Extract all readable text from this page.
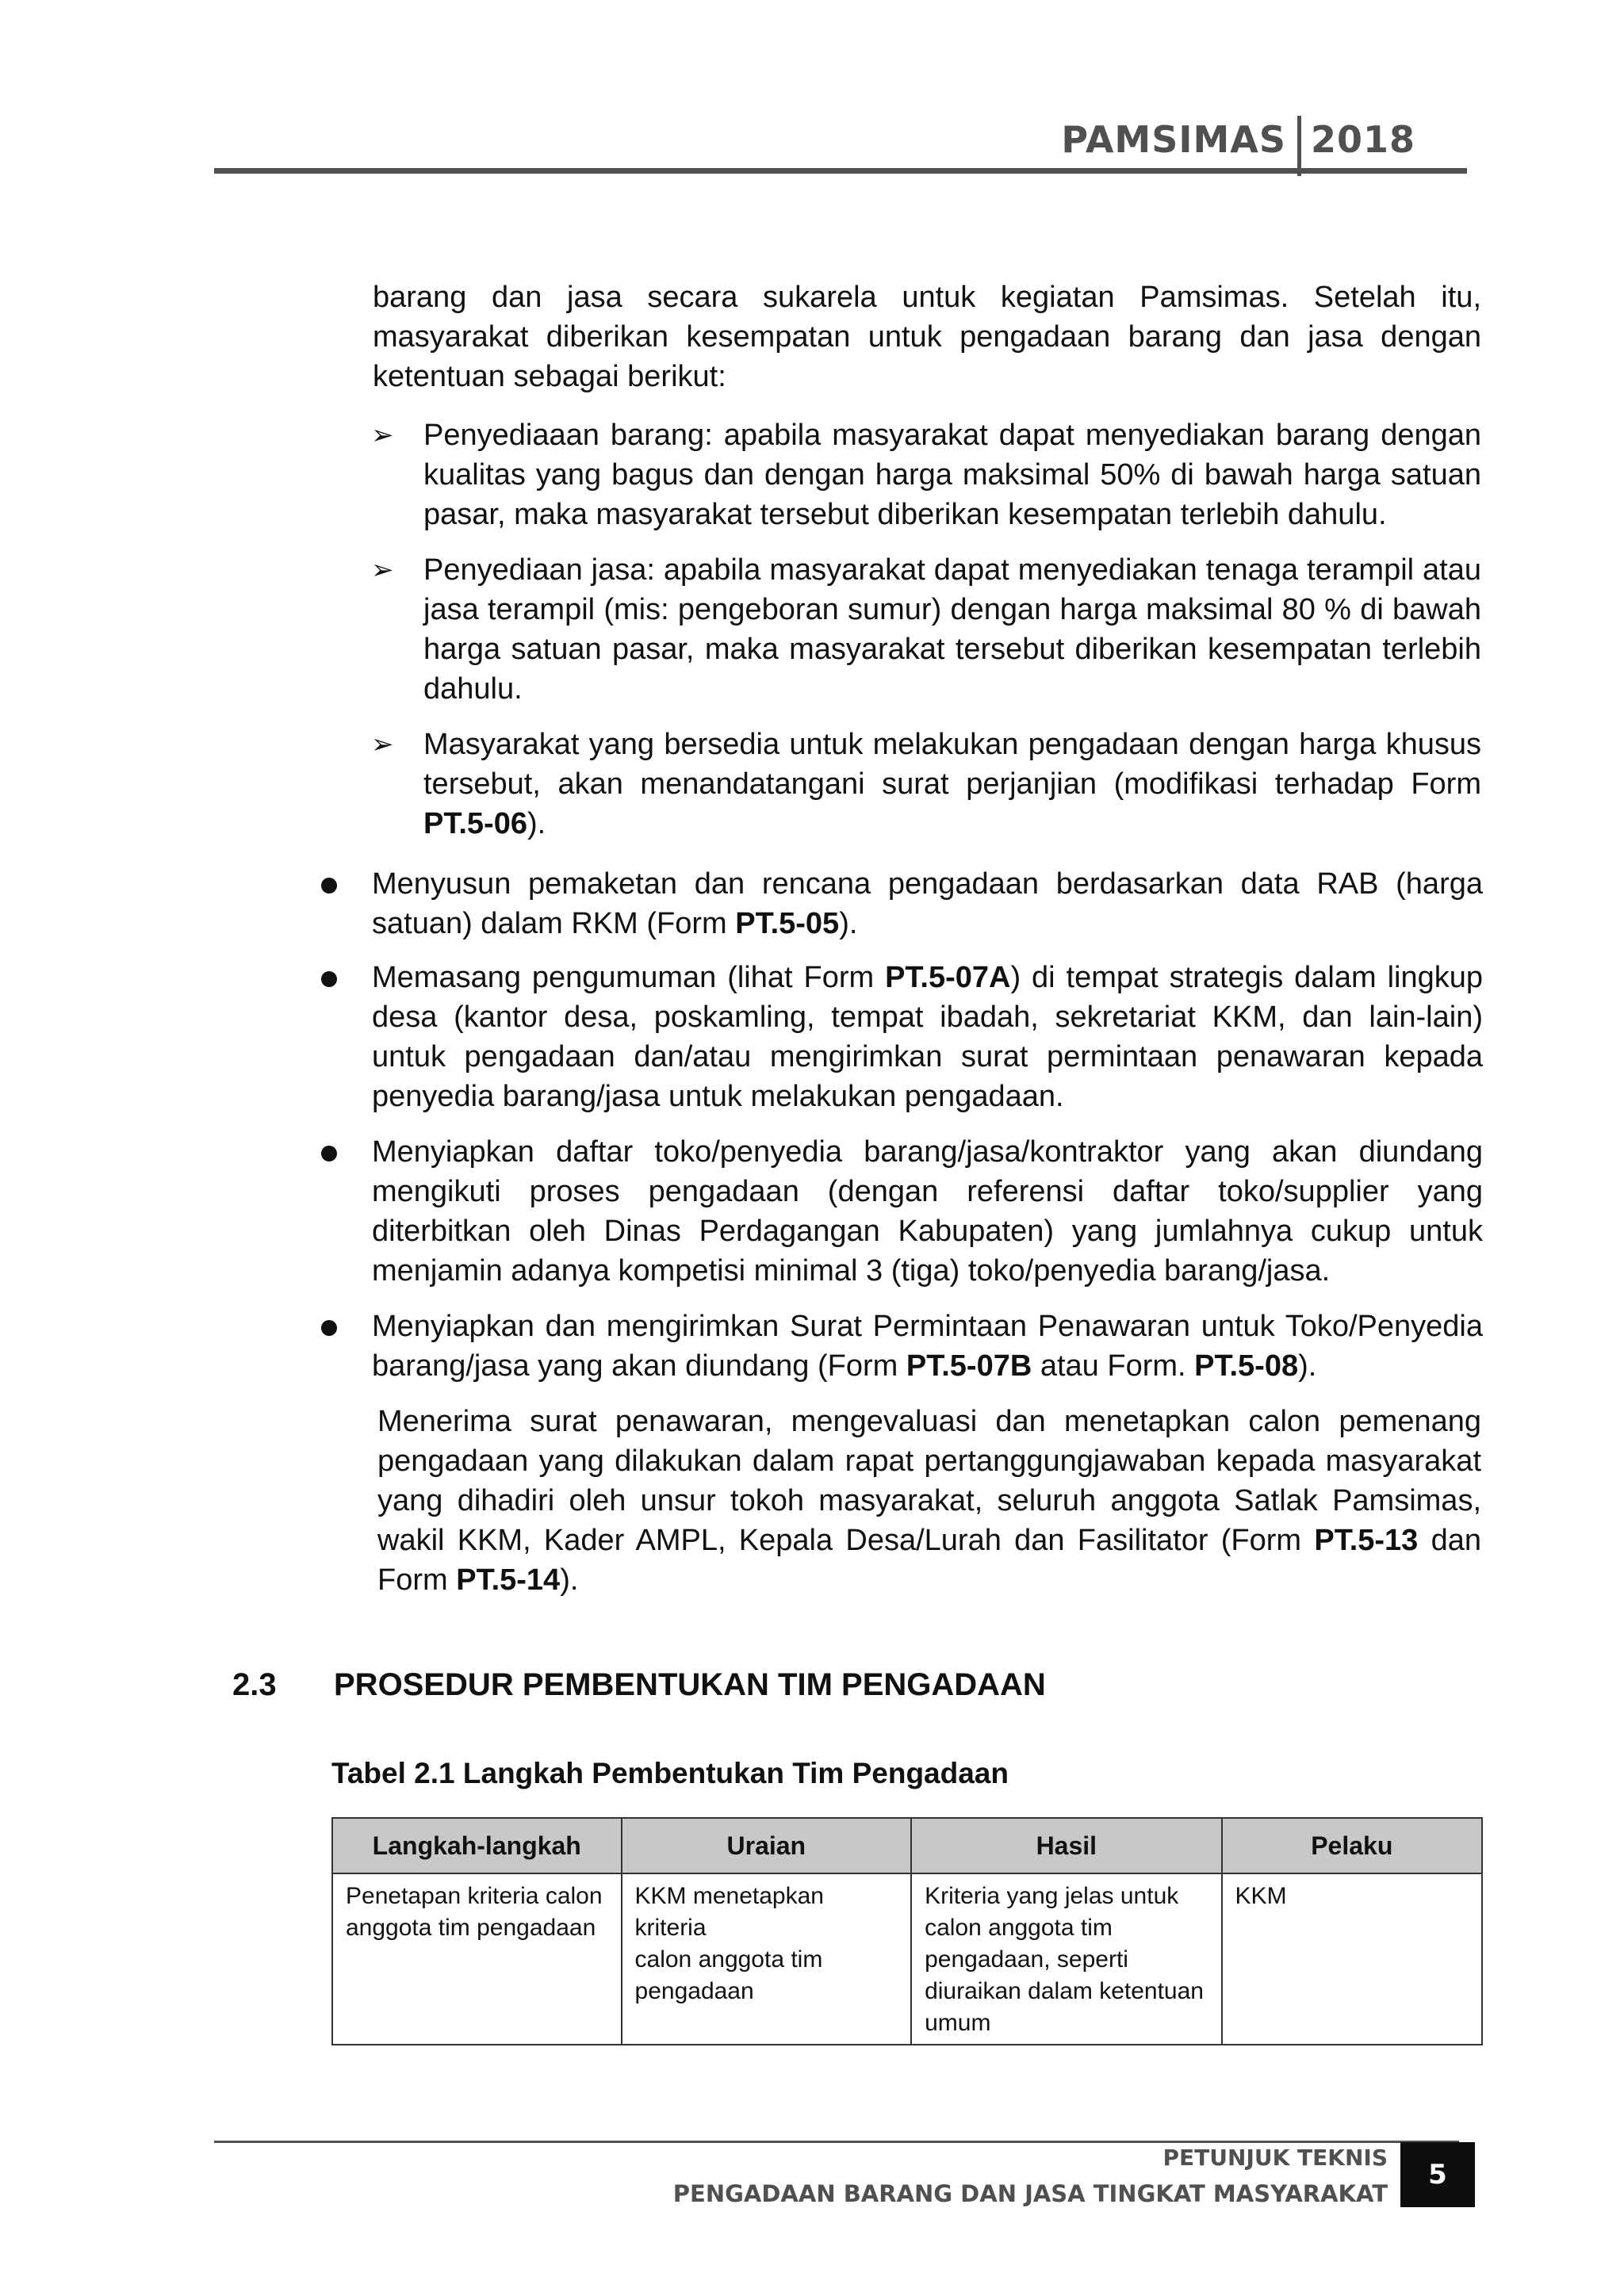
PAMSIMAS 2018

barang dan jasa secara sukarela untuk kegiatan Pamsimas. Setelah itu, masyarakat diberikan kesempatan untuk pengadaan barang dan jasa dengan ketentuan sebagai berikut:

➢ Penyediaaan barang: apabila masyarakat dapat menyediakan barang dengan kualitas yang bagus dan dengan harga maksimal 50% di bawah harga satuan pasar, maka masyarakat tersebut diberikan kesempatan terlebih dahulu.

➢ Penyediaan jasa: apabila masyarakat dapat menyediakan tenaga terampil atau jasa terampil (mis: pengeboran sumur) dengan harga maksimal 80 % di bawah harga satuan pasar, maka masyarakat tersebut diberikan kesempatan terlebih dahulu.

➢ Masyarakat yang bersedia untuk melakukan pengadaan dengan harga khusus tersebut, akan menandatangani surat perjanjian (modifikasi terhadap Form PT.5-06).

Menyusun pemaketan dan rencana pengadaan berdasarkan data RAB (harga satuan) dalam RKM (Form PT.5-05).

Memasang pengumuman (lihat Form PT.5-07A) di tempat strategis dalam lingkup desa (kantor desa, poskamling, tempat ibadah, sekretariat KKM, dan lain-lain) untuk pengadaan dan/atau mengirimkan surat permintaan penawaran kepada penyedia barang/jasa untuk melakukan pengadaan.

Menyiapkan daftar toko/penyedia barang/jasa/kontraktor yang akan diundang mengikuti proses pengadaan (dengan referensi daftar toko/supplier yang diterbitkan oleh Dinas Perdagangan Kabupaten) yang jumlahnya cukup untuk menjamin adanya kompetisi minimal 3 (tiga) toko/penyedia barang/jasa.

Menyiapkan dan mengirimkan Surat Permintaan Penawaran untuk Toko/Penyedia barang/jasa yang akan diundang (Form PT.5-07B atau Form. PT.5-08).

Menerima surat penawaran, mengevaluasi dan menetapkan calon pemenang pengadaan yang dilakukan dalam rapat pertanggungjawaban kepada masyarakat yang dihadiri oleh unsur tokoh masyarakat, seluruh anggota Satlak Pamsimas, wakil KKM, Kader AMPL, Kepala Desa/Lurah dan Fasilitator (Form PT.5-13 dan Form PT.5-14).

2.3 PROSEDUR PEMBENTUKAN TIM PENGADAAN
Tabel 2.1 Langkah Pembentukan Tim Pengadaan
Langkah-langkah	Uraian	Hasil	Pelaku

Penetapan kriteria calon
anggota tim pengadaan	KKM menetapkan kriteria
calon anggota tim
pengadaan	Kriteria yang jelas untuk
calon anggota tim
pengadaan, seperti
diuraikan dalam ketentuan
umum	KKM
PETUNJUK TEKNIS
PENGADAAN BARANG DAN JASA TINGKAT MASYARAKAT
5
